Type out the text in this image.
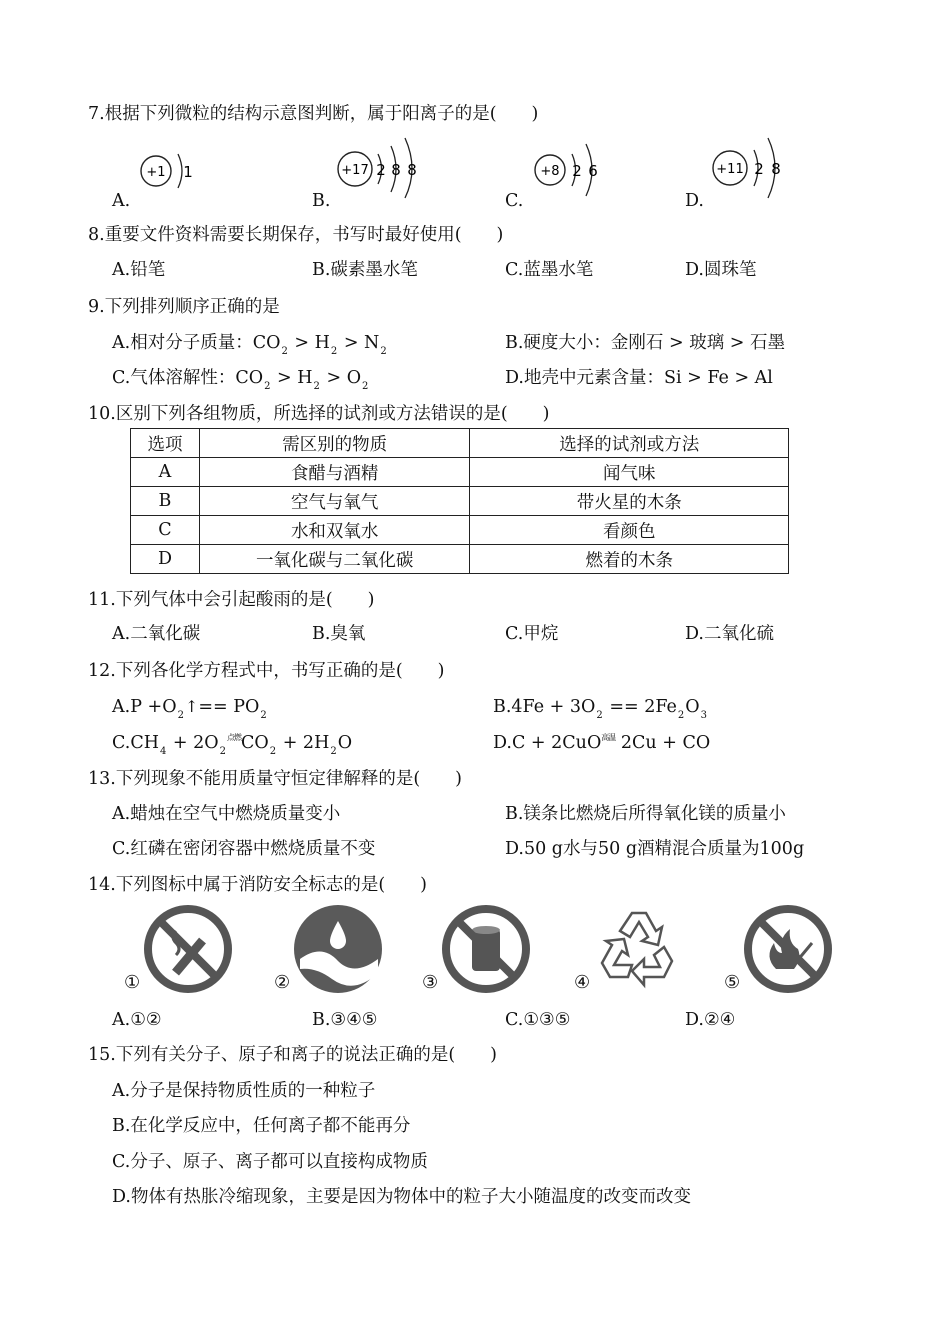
7.根据下列微粒的结构示意图判断，属于阳离子的是(　　)
+1 1
A.
+17 2 8 8
B.
+8 2 6
C.
+11 2 8
D.
8.重要文件资料需要长期保存，书写时最好使用(　　)
A.铅笔	B.碳素墨水笔	C.蓝墨水笔	D.圆珠笔
9.下列排列顺序正确的是
A.相对分子质量：$CO_2 > H_2 > N_2$	B.硬度大小：金刚石 > 玻璃 > 石墨
C.气体溶解性：$CO_2 > H_2 > O_2$	D.地壳中元素含量：Si > Fe > Al
10.区别下列各组物质，所选择的试剂或方法错误的是(　　)
选项	需区别的物质	选择的试剂或方法
A	食醋与酒精	闻气味
B	空气与氧气	带火星的木条
C	水和双氧水	看颜色
D	一氧化碳与二氧化碳	燃着的木条
11.下列气体中会引起酸雨的是(　　)
A.二氧化碳	B.臭氧	C.甲烷	D.二氧化硫
12.下列各化学方程式中，书写正确的是(　　)
$A.P +O_2↑== PO_2$	$B.4Fe + 3O_2 == 2Fe_2O_3$
$C.CH_4 + 2O_2^{点燃}CO_2 + 2H_2O$	D.C + 2CuO$^{高温}$ 2Cu + CO
13.下列现象不能用质量守恒定律解释的是(　　)
A.蜡烛在空气中燃烧质量变小	B.镁条比燃烧后所得氧化镁的质量小
C.红磷在密闭容器中燃烧质量不变	D.50 g水与50 g酒精混合质量为100g
14.下列图标中属于消防安全标志的是(　　)
①	②	③	④	⑤
A.①②	B.③④⑤	C.①③⑤	D.②④
15.下列有关分子、原子和离子的说法正确的是(　　)
A.分子是保持物质性质的一种粒子
B.在化学反应中，任何离子都不能再分
C.分子、原子、离子都可以直接构成物质
D.物体有热胀冷缩现象，主要是因为物体中的粒子大小随温度的改变而改变
